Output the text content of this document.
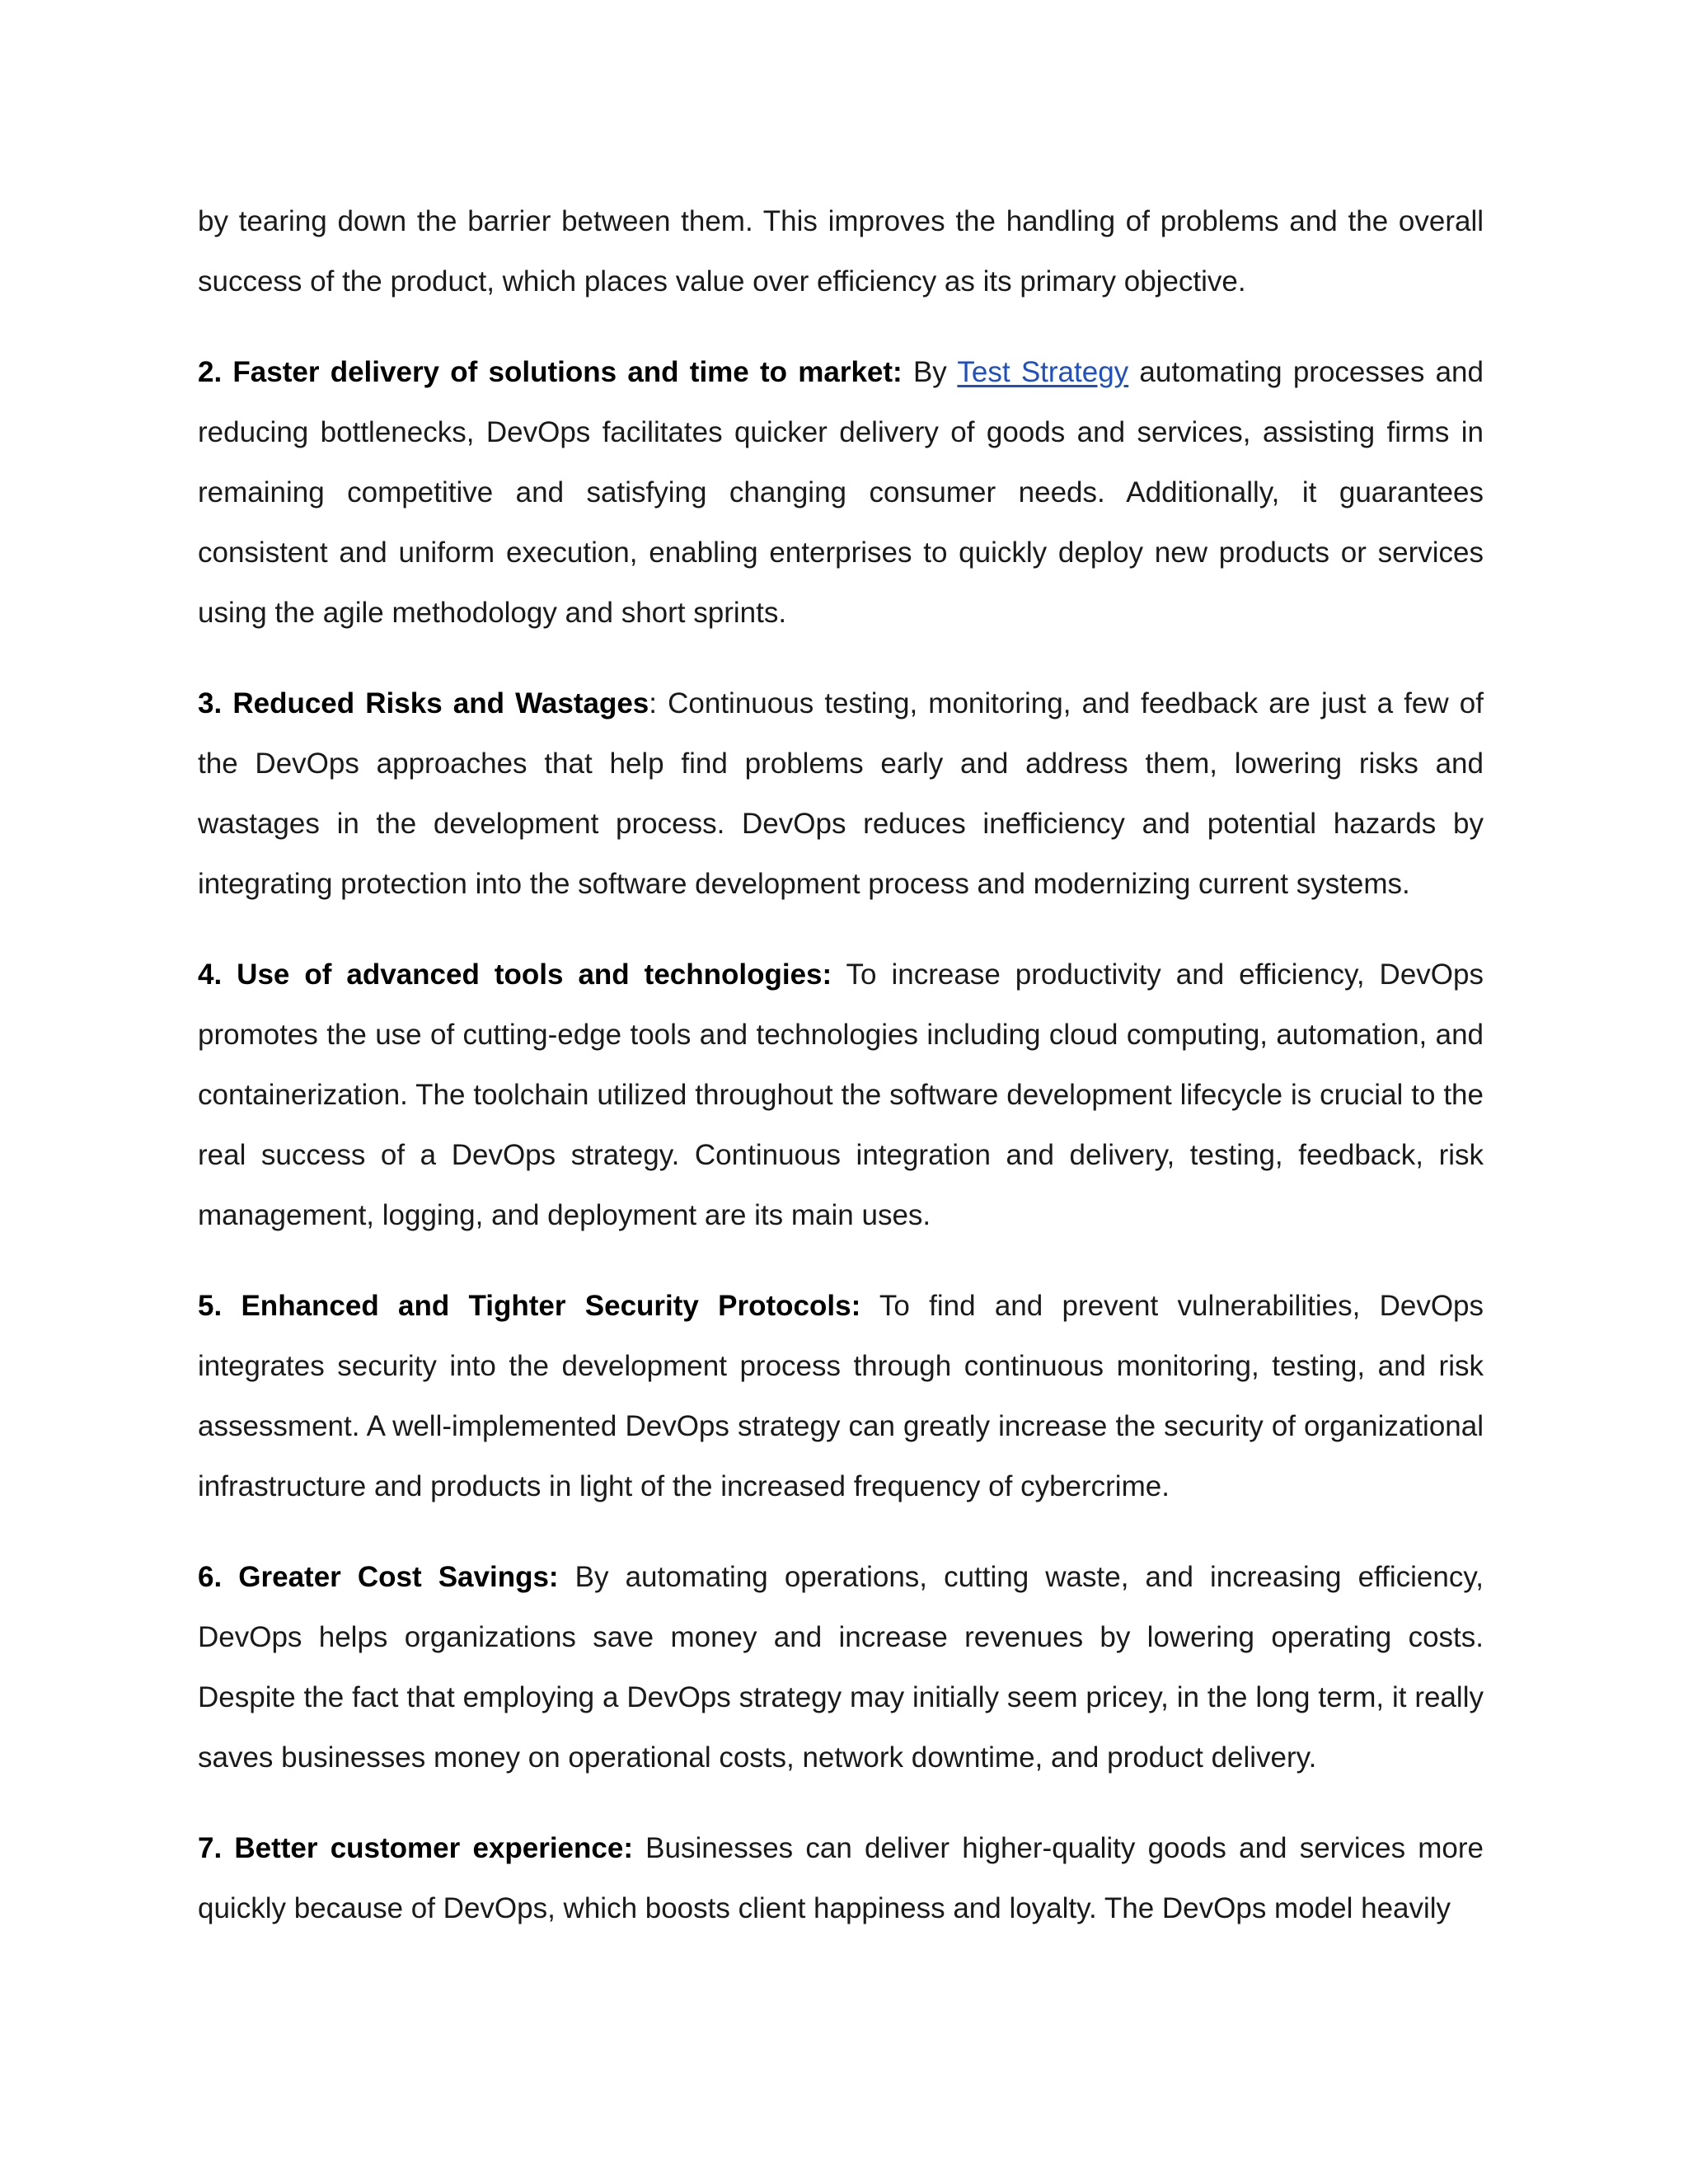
by tearing down the barrier between them. This improves the handling of problems and the overall success of the product, which places value over efficiency as its primary objective.

2. Faster delivery of solutions and time to market: By Test Strategy automating processes and reducing bottlenecks, DevOps facilitates quicker delivery of goods and services, assisting firms in remaining competitive and satisfying changing consumer needs. Additionally, it guarantees consistent and uniform execution, enabling enterprises to quickly deploy new products or services using the agile methodology and short sprints.

3. Reduced Risks and Wastages: Continuous testing, monitoring, and feedback are just a few of the DevOps approaches that help find problems early and address them, lowering risks and wastages in the development process. DevOps reduces inefficiency and potential hazards by integrating protection into the software development process and modernizing current systems.

4. Use of advanced tools and technologies: To increase productivity and efficiency, DevOps promotes the use of cutting-edge tools and technologies including cloud computing, automation, and containerization. The toolchain utilized throughout the software development lifecycle is crucial to the real success of a DevOps strategy. Continuous integration and delivery, testing, feedback, risk management, logging, and deployment are its main uses.

5. Enhanced and Tighter Security Protocols: To find and prevent vulnerabilities, DevOps integrates security into the development process through continuous monitoring, testing, and risk assessment. A well-implemented DevOps strategy can greatly increase the security of organizational infrastructure and products in light of the increased frequency of cybercrime.

6. Greater Cost Savings: By automating operations, cutting waste, and increasing efficiency, DevOps helps organizations save money and increase revenues by lowering operating costs. Despite the fact that employing a DevOps strategy may initially seem pricey, in the long term, it really saves businesses money on operational costs, network downtime, and product delivery.

7. Better customer experience: Businesses can deliver higher-quality goods and services more quickly because of DevOps, which boosts client happiness and loyalty. The DevOps model heavily
